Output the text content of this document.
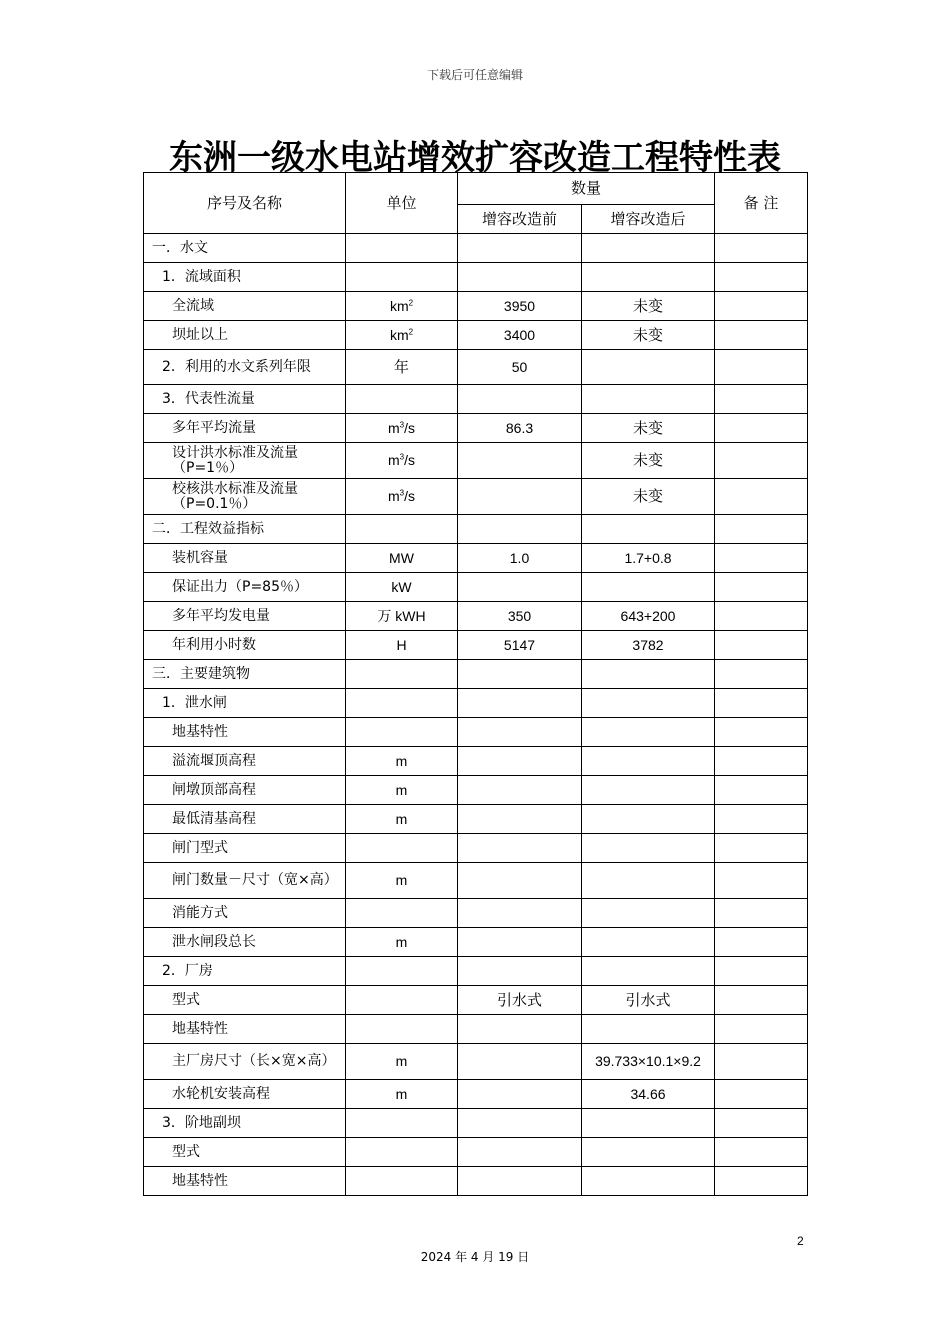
下载后可任意编辑
东洲一级水电站增效扩容改造工程特性表
序号及名称	单位	数量		备 注
		增容改造前	增容改造后	
一．水文				
1．流域面积				
全流域	$km^2$	3950	未变	
坝址以上	$km^2$	3400	未变	
2．利用的水文系列年限	年	50		
3．代表性流量				
多年平均流量	$m^3/s$	86.3	未变	
设计洪水标准及流量（P=1％）	$m^3/s$		未变	
校核洪水标准及流量（P=0.1％）	$m^3/s$		未变	
二．工程效益指标				
装机容量	MW	1.0	1.7+0.8	
保证出力（P=85％）	kW			
多年平均发电量	万 kWH	350	643+200	
年利用小时数	H	5147	3782	
三．主要建筑物				
1．泄水闸				
地基特性				
溢流堰顶高程	m			
闸墩顶部高程	m			
最低清基高程	m			
闸门型式				
闸门数量－尺寸（宽×高）	m			
消能方式				
泄水闸段总长	m			
2．厂房				
型式		引水式	引水式	
地基特性				
主厂房尺寸（长×宽×高）	m		39.733×10.1×9.2	
水轮机安装高程	m		34.66	
3．阶地副坝				
型式				
地基特性				
2
2024 年 4 月 19 日
